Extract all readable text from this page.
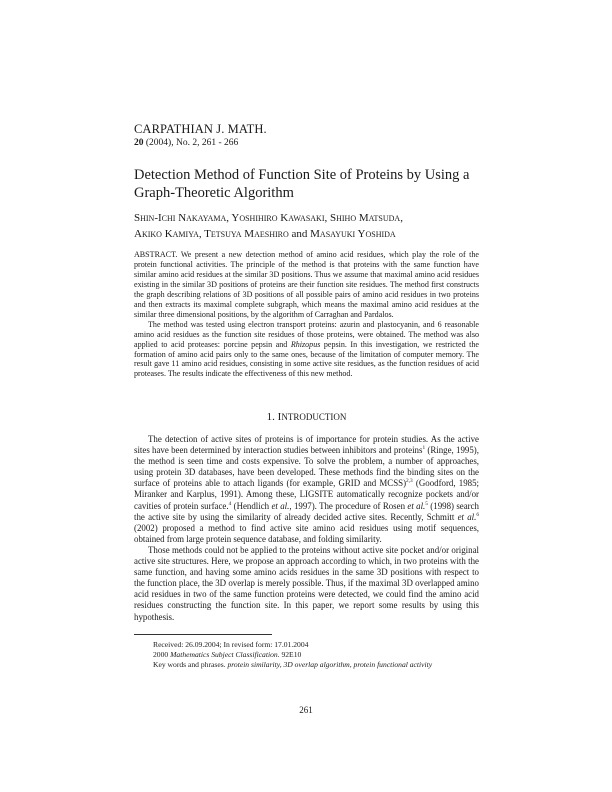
CARPATHIAN J. MATH.
20 (2004), No. 2, 261 - 266
Detection Method of Function Site of Proteins by Using a Graph-Theoretic Algorithm
Shin-Ichi Nakayama, Yoshihiro Kawasaki, Shiho Matsuda,
Akiko Kamiya, Tetsuya Maeshiro and Masayuki Yoshida

ABSTRACT. We present a new detection method of amino acid residues, which play the role of the protein functional activities. The principle of the method is that proteins with the same function have similar amino acid residues at the similar 3D positions. Thus we assume that maximal amino acid residues existing in the similar 3D positions of proteins are their function site residues. The method first constructs the graph describing relations of 3D positions of all possible pairs of amino acid residues in two proteins and then extracts its maximal complete subgraph, which means the maximal amino acid residues at the similar three dimensional positions, by the algorithm of Carraghan and Pardalos.

The method was tested using electron transport proteins: azurin and plastocyanin, and 6 reasonable amino acid residues as the function site residues of those proteins, were obtained. The method was also applied to acid proteases: porcine pepsin and Rhizopus pepsin. In this investigation, we restricted the formation of amino acid pairs only to the same ones, because of the limitation of computer memory. The result gave 11 amino acid residues, consisting in some active site residues, as the function residues of acid proteases. The results indicate the effectiveness of this new method.

1. INTRODUCTION

The detection of active sites of proteins is of importance for protein studies. As the active sites have been determined by interaction studies between inhibitors and proteins$^1$ (Ringe, 1995), the method is seen time and costs expensive. To solve the problem, a number of approaches, using protein 3D databases, have been developed. These methods find the binding sites on the surface of proteins able to attach ligands (for example, GRID and MCSS)$^{2,3}$ (Goodford, 1985; Miranker and Karplus, 1991). Among these, LIGSITE automatically recognize pockets and/or cavities of protein surface.$^4$ (Hendlich et al., 1997). The procedure of Rosen et al.$^5$ (1998) search the active site by using the similarity of already decided active sites. Recently, Schmitt et al.$^6$ (2002) proposed a method to find active site amino acid residues using motif sequences, obtained from large protein sequence database, and folding similarity.

Those methods could not be applied to the proteins without active site pocket and/or original active site structures. Here, we propose an approach according to which, in two proteins with the same function, and having some amino acids residues in the same 3D positions with respect to the function place, the 3D overlap is merely possible. Thus, if the maximal 3D overlapped amino acid residues in two of the same function proteins were detected, we could find the amino acid residues constructing the function site. In this paper, we report some results by using this hypothesis.

Received: 26.09.2004; In revised form: 17.01.2004
2000 Mathematics Subject Classification. 92E10
Key words and phrases. protein similarity, 3D overlap algorithm, protein functional activity
261
